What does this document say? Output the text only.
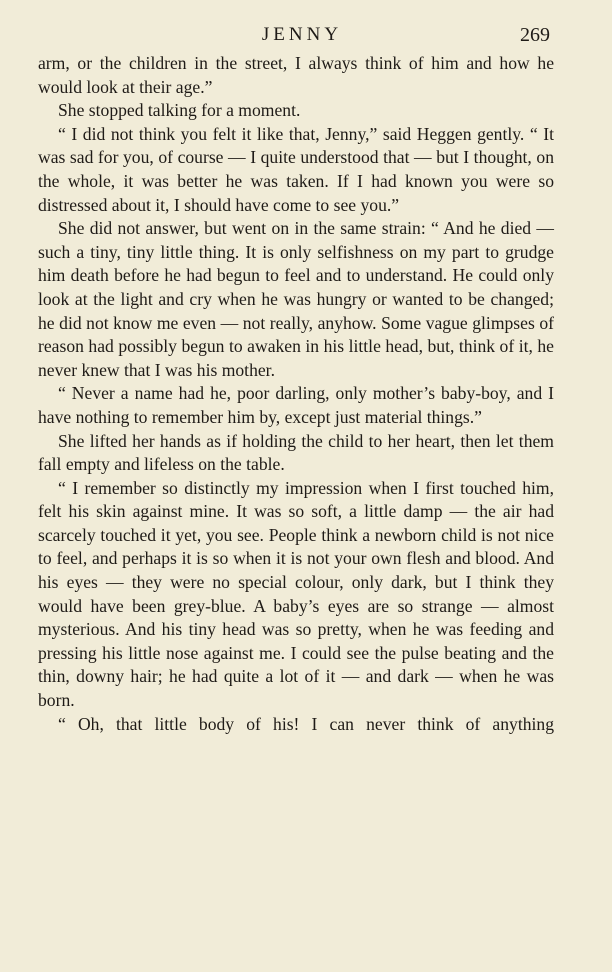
JENNY	269

arm, or the children in the street, I always think of him and how he would look at their age.”

She stopped talking for a moment.

“ I did not think you felt it like that, Jenny,” said Heggen gently. “ It was sad for you, of course — I quite understood that — but I thought, on the whole, it was better he was taken. If I had known you were so distressed about it, I should have come to see you.”

She did not answer, but went on in the same strain: “ And he died — such a tiny, tiny little thing. It is only selfishness on my part to grudge him death before he had begun to feel and to understand. He could only look at the light and cry when he was hungry or wanted to be changed; he did not know me even — not really, anyhow. Some vague glimpses of reason had possibly begun to awaken in his little head, but, think of it, he never knew that I was his mother.

“ Never a name had he, poor darling, only mother’s baby-boy, and I have nothing to remember him by, except just material things.”

She lifted her hands as if holding the child to her heart, then let them fall empty and lifeless on the table.

“ I remember so distinctly my impression when I first touched him, felt his skin against mine. It was so soft, a little damp — the air had scarcely touched it yet, you see. People think a newborn child is not nice to feel, and perhaps it is so when it is not your own flesh and blood. And his eyes — they were no special colour, only dark, but I think they would have been grey-blue. A baby’s eyes are so strange — almost mysterious. And his tiny head was so pretty, when he was feeding and pressing his little nose against me. I could see the pulse beating and the thin, downy hair; he had quite a lot of it — and dark — when he was born.

“ Oh, that little body of his! I can never think of anything
